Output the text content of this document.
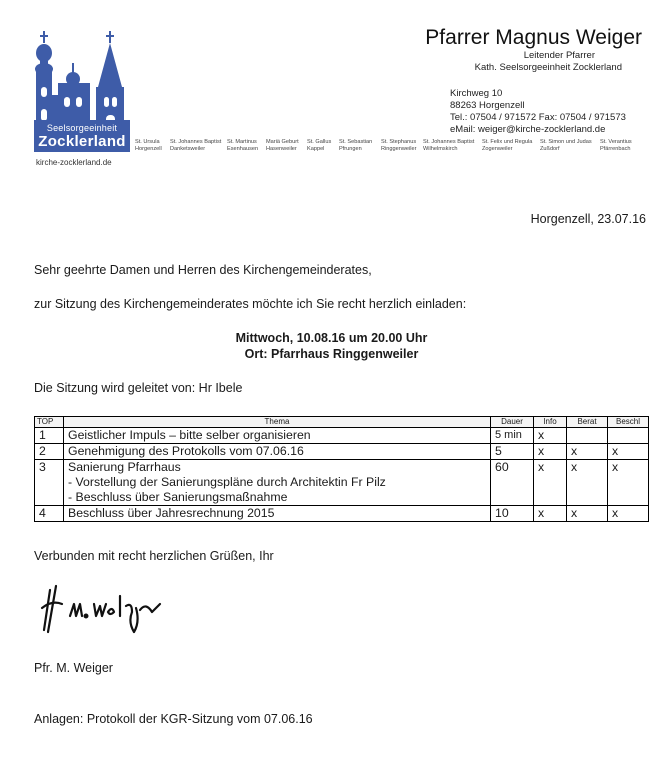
Seelsorgeeinheit
Zocklerland
kirche-zocklerland.de
Pfarrer Magnus Weiger
Leitender Pfarrer
Kath. Seelsorgeeinheit Zocklerland
Kirchweg 10
88263 Horgenzell
Tel.: 07504 / 971572 Fax: 07504 / 971573
eMail: weiger@kirche-zocklerland.de
St. Ursula
Horgenzell
St. Johannes Baptist
Danketsweiler
St. Martinus
Esenhausen
Mariä Geburt
Hasenweiler
St. Gallus
Kappel
St. Sebastian
Pfrungen
St. Stephanus
Ringgenweiler
St. Johannes Baptist
Wilhelmskirch
St. Felix und Regula
Zogenweiler
St. Simon und Judas
Zußdorf
St. Verantius
Pfärrenbach
Horgenzell, 23.07.16
Sehr geehrte Damen und Herren des Kirchengemeinderates,
zur Sitzung des Kirchengemeinderates möchte ich Sie recht herzlich einladen:
Mittwoch, 10.08.16 um 20.00 Uhr
Ort: Pfarrhaus Ringgenweiler
Die Sitzung wird geleitet von: Hr Ibele
TOP	Thema	Dauer	Info	Berat	Beschl
1	Geistlicher Impuls – bitte selber organisieren	5 min	x		
2	Genehmigung des Protokolls vom 07.06.16	5	x	x	x
3	Sanierung Pfarrhaus
- Vorstellung der Sanierungspläne durch Architektin Fr Pilz
- Beschluss über Sanierungsmaßnahme	60	x	x	x
4	Beschluss über Jahresrechnung 2015	10	x	x	x
Verbunden mit recht herzlichen Grüßen, Ihr
Pfr. M. Weiger
Anlagen: Protokoll der KGR-Sitzung vom 07.06.16
